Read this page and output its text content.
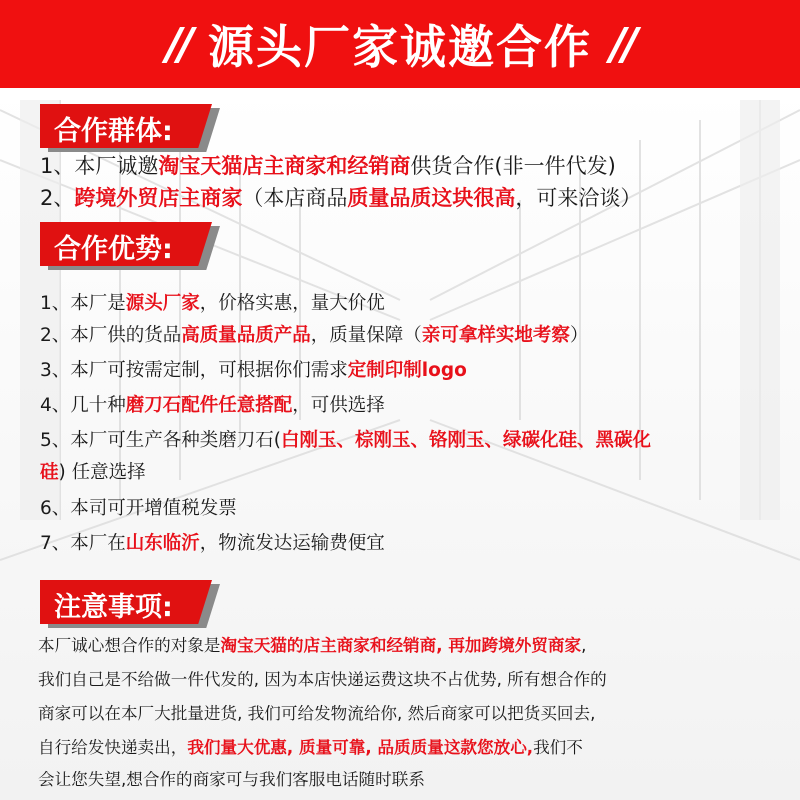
// 源头厂家诚邀合作 //
合作群体:
1、本厂诚邀淘宝天猫店主商家和经销商供货合作(非一件代发)
2、跨境外贸店主商家（本店商品质量品质这块很高，可来洽谈）
合作优势:
1、本厂是源头厂家，价格实惠，量大价优
2、本厂供的货品高质量品质产品，质量保障（亲可拿样实地考察）
3、本厂可按需定制，可根据你们需求定制印制logo
4、几十种磨刀石配件任意搭配，可供选择
5、本厂可生产各种类磨刀石(白刚玉、棕刚玉、铬刚玉、绿碳化硅、黑碳化
硅) 任意选择
6、本司可开增值税发票
7、本厂在山东临沂，物流发达运输费便宜
注意事项:
本厂诚心想合作的对象是淘宝天猫的店主商家和经销商, 再加跨境外贸商家,
我们自己是不给做一件代发的, 因为本店快递运费这块不占优势, 所有想合作的
商家可以在本厂大批量进货, 我们可给发物流给你, 然后商家可以把货买回去,
自行给发快递卖出，我们量大优惠, 质量可靠, 品质质量这款您放心,我们不
会让您失望,想合作的商家可与我们客服电话随时联系
